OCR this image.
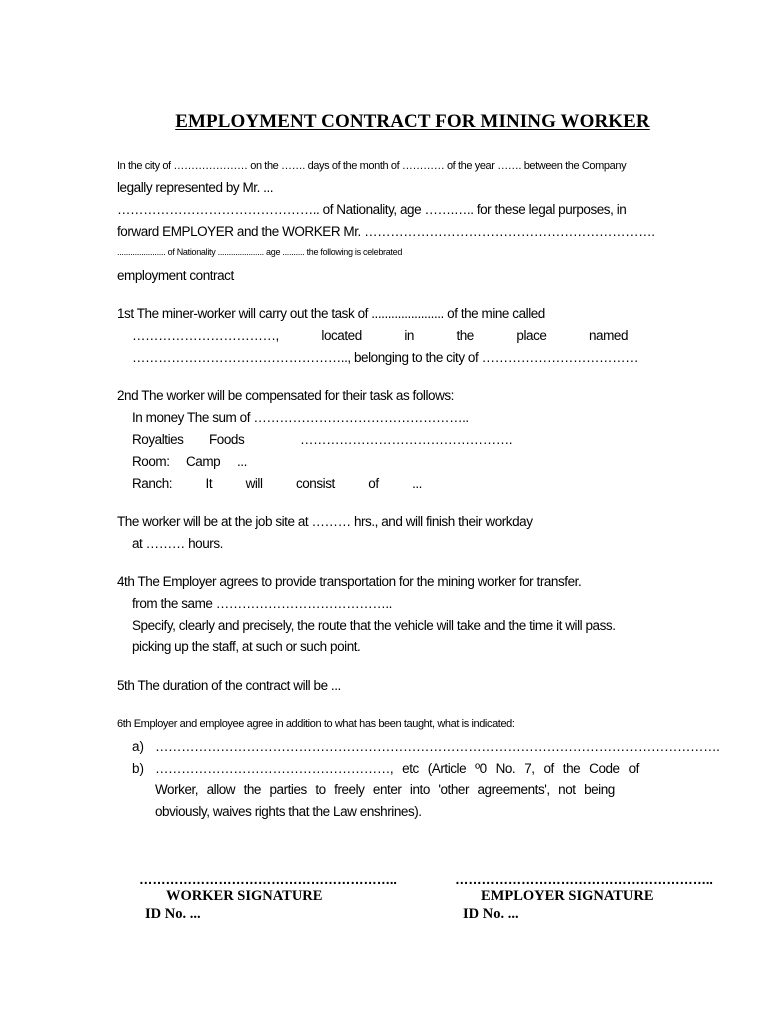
EMPLOYMENT CONTRACT FOR MINING WORKER
In the city of ………………… on the ……. days of the month of ………… of the year ……. between the Company
legally represented by Mr. ...
……………………………………….. of Nationality, age …….….. for these legal purposes, in
forward EMPLOYER and the WORKER Mr. ………………………………………………………….
...................... of Nationality ..................... age .......... the following is celebrated
employment contract
1st The miner-worker will carry out the task of ...................... of the mine called
……………………………,	located	in	the	place	named
………………………………………….., belonging to the city of ………………………………
2nd The worker will be compensated for their task as follows:
In money The sum of …………………………………………..
Royalties Foods	………………………………………….
Room: Camp ...
Ranch: It will consist of ...
The worker will be at the job site at ……… hrs., and will finish their workday
at ……… hours.
4th The Employer agrees to provide transportation for the mining worker for transfer.
from the same …………………………………..
Specify, clearly and precisely, the route that the vehicle will take and the time it will pass.
picking up the staff, at such or such point.
5th The duration of the contract will be ...
6th Employer and employee agree in addition to what has been taught, what is indicated:
a) ………………………………………………………………………………………………………………….
b) ………………………………………………, etc (Article º0 No. 7, of the Code of
Worker, allow the parties to freely enter into 'other agreements', not being
obviously, waives rights that the Law enshrines).
…………………………………………………..
WORKER SIGNATURE
ID No. ...
…………………………………………………..
EMPLOYER SIGNATURE
ID No. ...
